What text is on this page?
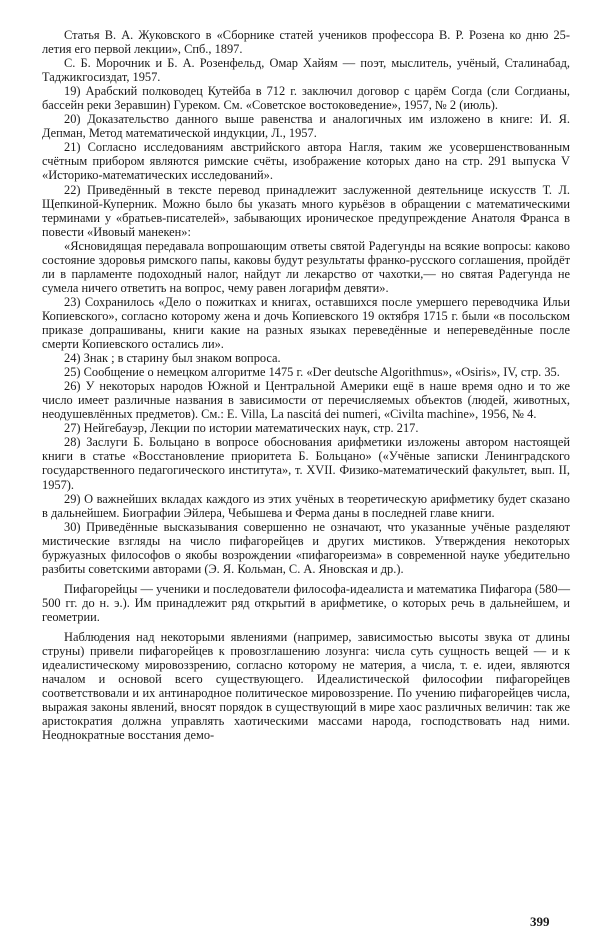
Статья В. А. Жуковского в «Сборнике статей учеников профессора В. Р. Розена ко дню 25-летия его первой лекции», Спб., 1897.

С. Б. Морочник и Б. А. Розенфельд, Омар Хайям — поэт, мыслитель, учёный, Сталинабад, Таджикгосиздат, 1957.

19) Арабский полководец Кутейба в 712 г. заключил договор с царём Согда (сли Согдианы, бассейн реки Зеравшин) Гуреком. См. «Советское востоковедение», 1957, № 2 (июль).

20) Доказательство данного выше равенства и аналогичных им изложено в книге: И. Я. Депман, Метод математической индукции, Л., 1957.

21) Согласно исследованиям австрийского автора Нагля, таким же усовершенствованным счётным прибором являются римские счёты, изображение которых дано на стр. 291 выпуска V «Историко-математических исследований».

22) Приведённый в тексте перевод принадлежит заслуженной деятельнице искусств Т. Л. Щепкиной-Куперник. Можно было бы указать много курьёзов в обращении с математическими терминами у «братьев-писателей», забывающих ироническое предупреждение Анатоля Франса в повести «Ивовый манекен»:

«Ясновидящая передавала вопрошающим ответы святой Радегунды на всякие вопросы: каково состояние здоровья римского папы, каковы будут результаты франко-русского соглашения, пройдёт ли в парламенте подоходный налог, найдут ли лекарство от чахотки,— но святая Радегунда не сумела ничего ответить на вопрос, чему равен логарифм девяти».

23) Сохранилось «Дело о пожитках и книгах, оставшихся после умершего переводчика Ильи Копиевского», согласно которому жена и дочь Копиевского 19 октября 1715 г. были «в посольском приказе допрашиваны, книги какие на разных языках переведённые и непереведённые после смерти Копиевского остались ли».

24) Знак ; в старину был знаком вопроса.

25) Сообщение о немецком алгоритме 1475 г. «Der deutsche Algorithmus», «Osiris», IV, стр. 35.

26) У некоторых народов Южной и Центральной Америки ещё в наше время одно и то же число имеет различные названия в зависимости от перечисляемых объектов (людей, животных, неодушевлённых предметов). См.: E. Villa, La nascitá dei numeri, «Civilta machine», 1956, № 4.

27) Нейгебауэр, Лекции по истории математических наук, стр. 217.

28) Заслуги Б. Больцано в вопросе обоснования арифметики изложены автором настоящей книги в статье «Восстановление приоритета Б. Больцано» («Учёные записки Ленинградского государственного педагогического института», т. XVII. Физико-математический факультет, вып. II, 1957).

29) О важнейших вкладах каждого из этих учёных в теоретическую арифметику будет сказано в дальнейшем. Биографии Эйлера, Чебышева и Ферма даны в последней главе книги.

30) Приведённые высказывания совершенно не означают, что указанные учёные разделяют мистические взгляды на число пифагорейцев и других мистиков. Утверждения некоторых буржуазных философов о якобы возрождении «пифагореизма» в современной науке убедительно разбиты советскими авторами (Э. Я. Кольман, С. А. Яновская и др.).

Пифагорейцы — ученики и последователи философа-идеалиста и математика Пифагора (580—500 гг. до н. э.). Им принадлежит ряд открытий в арифметике, о которых речь в дальнейшем, и геометрии.

Наблюдения над некоторыми явлениями (например, зависимостью высоты звука от длины струны) привели пифагорейцев к провозглашению лозунга: числа суть сущность вещей — и к идеалистическому мировоззрению, согласно которому не материя, а числа, т. е. идеи, являются началом и основой всего существующего. Идеалистической философии пифагорейцев соответствовали и их антинародное политическое мировоззрение. По учению пифагорейцев числа, выражая законы явлений, вносят порядок в существующий в мире хаос различных величин: так же аристократия должна управлять хаотическими массами народа, господствовать над ними. Неоднократные восстания демо-

399
